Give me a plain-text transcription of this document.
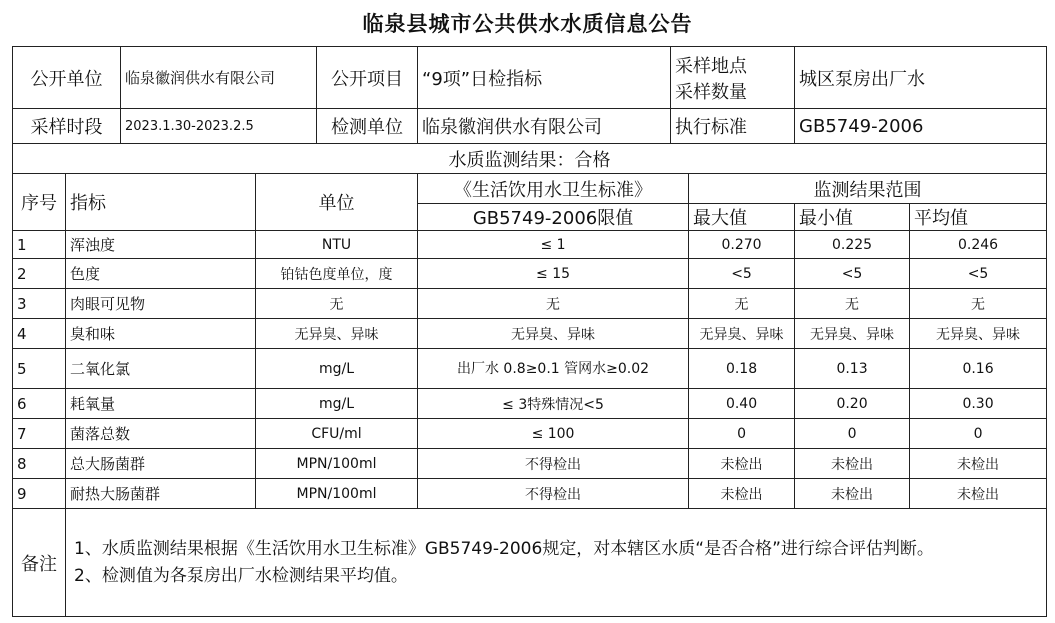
临泉县城市公共供水水质信息公告
公开单位		临泉徽润供水有限公司		公开项目	“9项”日检指标	采样地点
采样数量		城区泵房出厂水	
采样时段		2023.1.30-2023.2.5		检测单位	临泉徽润供水有限公司	执行标准		GB5749-2006	
水质监测结果：合格									
序号	指标		单位		《生活饮用水卫生标准》		监测结果范围		
					GB5749-2006限值		最大值	最小值	平均值
1	浑浊度		NTU		≤ 1		0.270	0.225	0.246
2	色度		铂钴色度单位，度		≤ 15		<5	<5	<5
3	肉眼可见物		无		无		无	无	无
4	臭和味		无异臭、异味		无异臭、异味		无异臭、异味	无异臭、异味	无异臭、异味
5	二氧化氯		mg/L		出厂水 0.8≥0.1 管网水≥0.02		0.18	0.13	0.16
6	耗氧量		mg/L		≤ 3特殊情况<5		0.40	0.20	0.30
7	菌落总数		CFU/ml		≤ 100		0	0	0
8	总大肠菌群		MPN/100ml		不得检出		未检出	未检出	未检出
9	耐热大肠菌群		MPN/100ml		不得检出		未检出	未检出	未检出
备注	1、水质监测结果根据《生活饮用水卫生标准》GB5749-2006规定，对本辖区水质“是否合格”进行综合评估判断。

2、检测值为各泵房出厂水检测结果平均值。								
